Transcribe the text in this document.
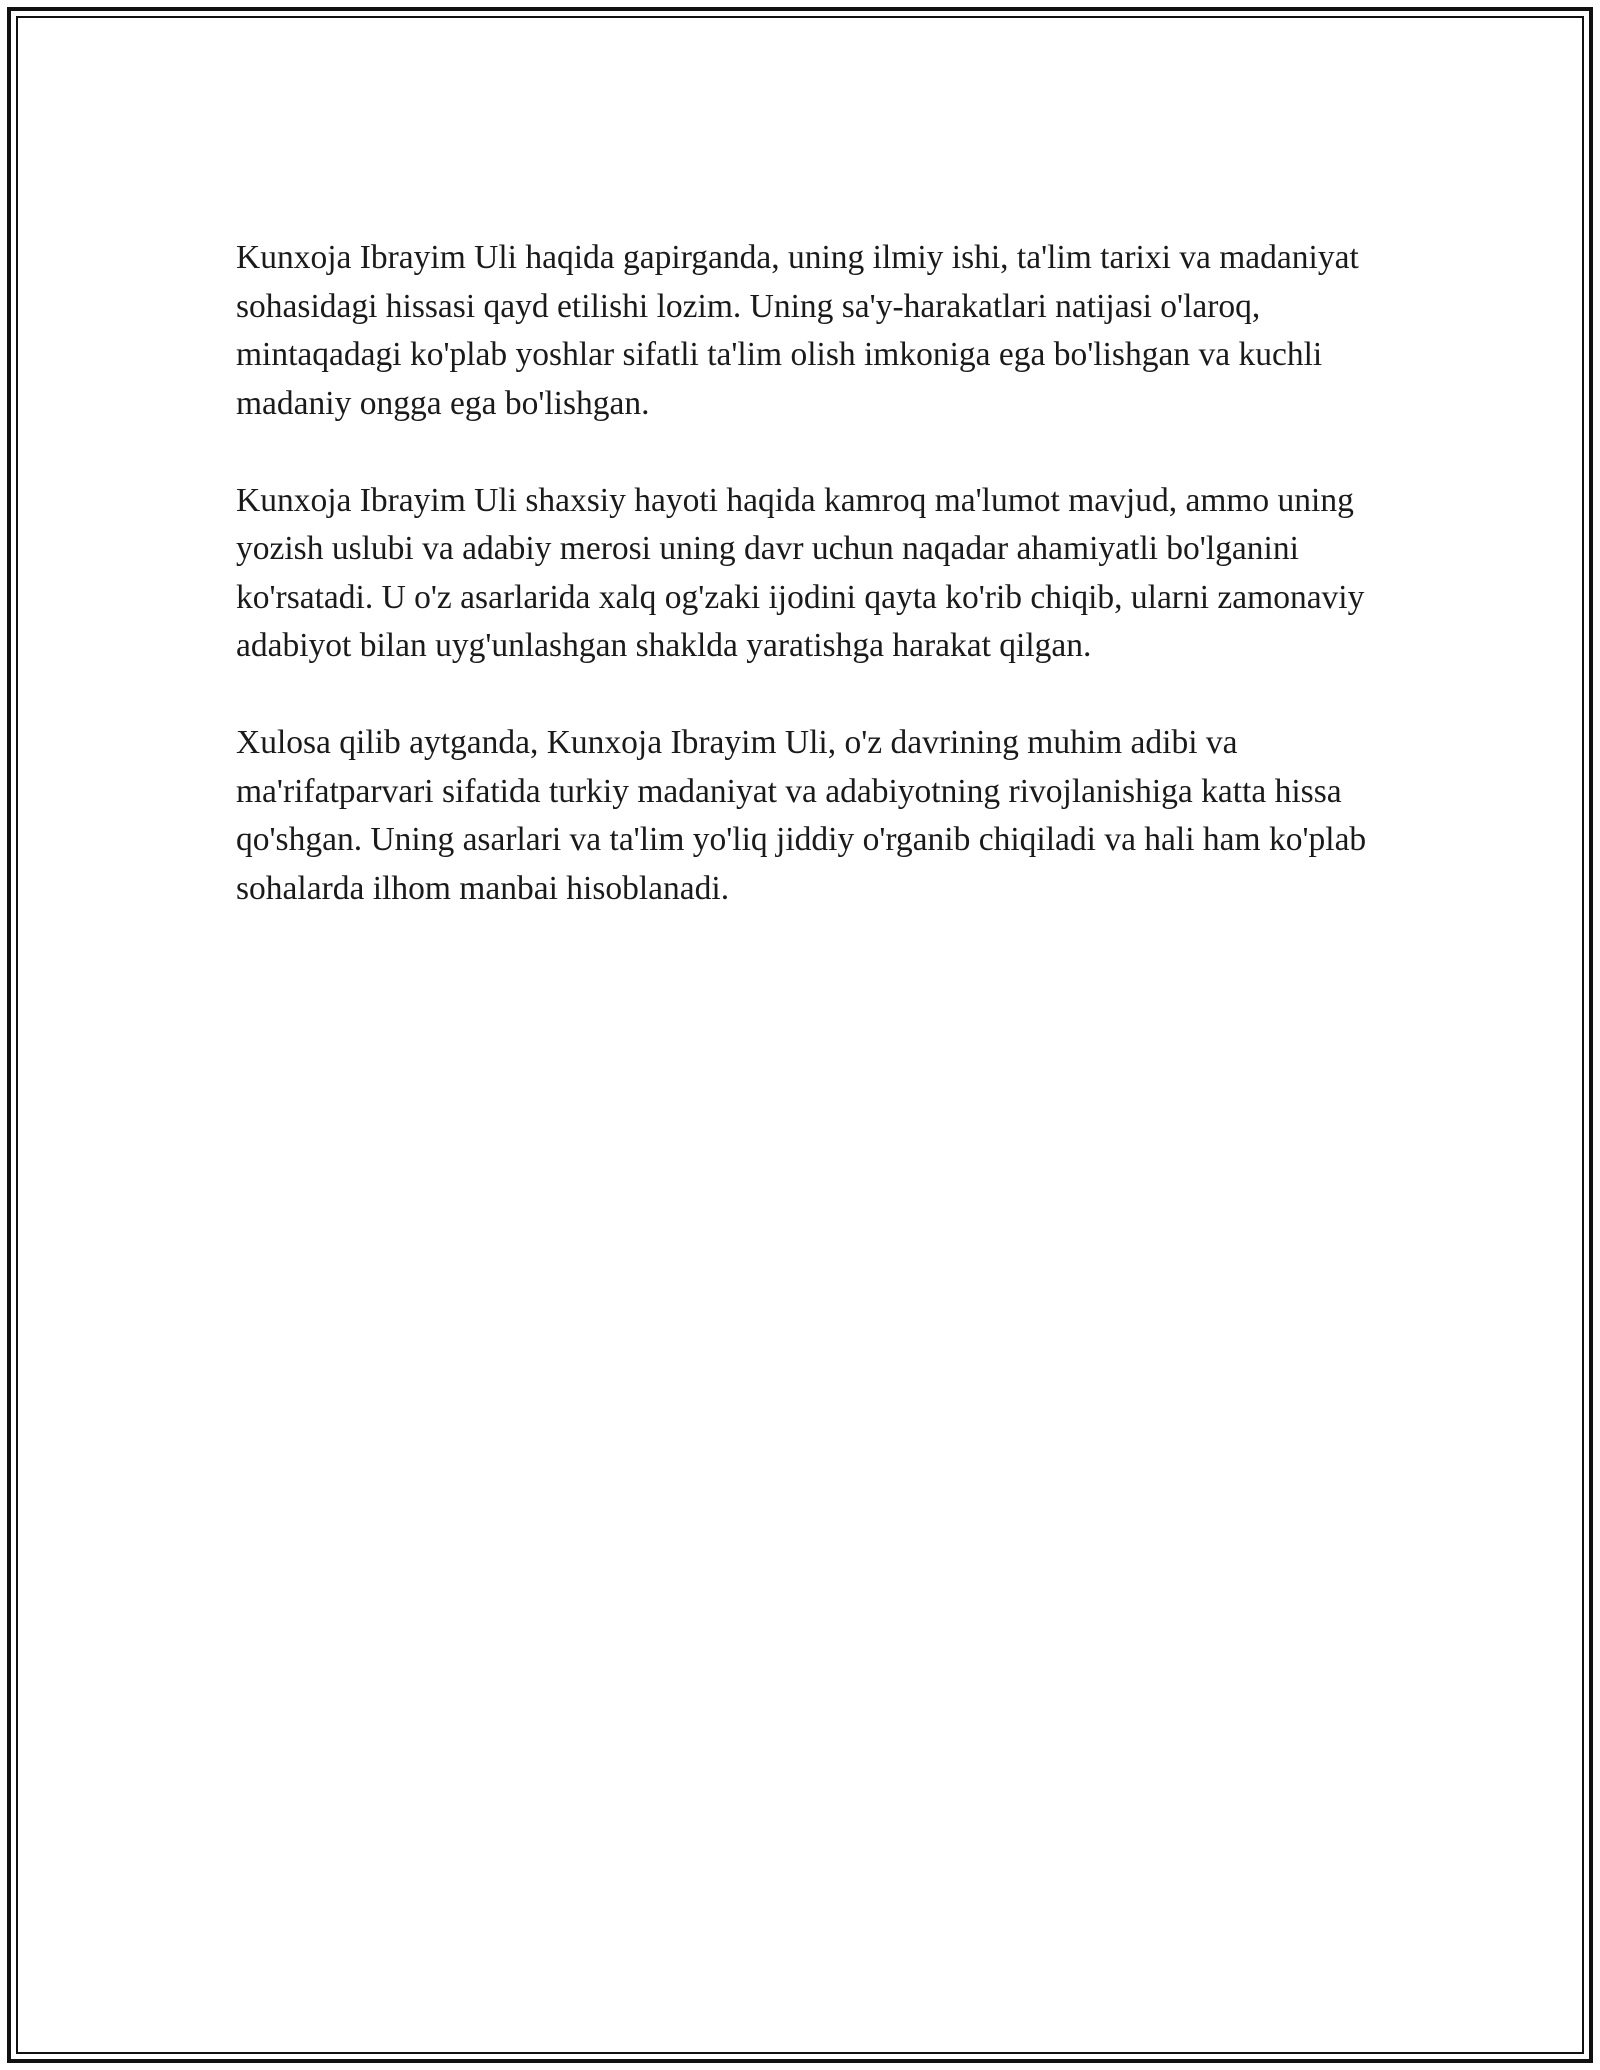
Kunxoja Ibrayim Uli haqida gapirganda, uning ilmiy ishi, ta'lim tarixi va madaniyat sohasidagi hissasi qayd etilishi lozim. Uning sa'y-harakatlari natijasi o'laroq, mintaqadagi ko'plab yoshlar sifatli ta'lim olish imkoniga ega bo'lishgan va kuchli madaniy ongga ega bo'lishgan.

Kunxoja Ibrayim Uli shaxsiy hayoti haqida kamroq ma'lumot mavjud, ammo uning yozish uslubi va adabiy merosi uning davr uchun naqadar ahamiyatli bo'lganini ko'rsatadi. U o'z asarlarida xalq og'zaki ijodini qayta ko'rib chiqib, ularni zamonaviy adabiyot bilan uyg'unlashgan shaklda yaratishga harakat qilgan.

Xulosa qilib aytganda, Kunxoja Ibrayim Uli, o'z davrining muhim adibi va ma'rifatparvari sifatida turkiy madaniyat va adabiyotning rivojlanishiga katta hissa qo'shgan. Uning asarlari va ta'lim yo'liq jiddiy o'rganib chiqiladi va hali ham ko'plab sohalarda ilhom manbai hisoblanadi.
